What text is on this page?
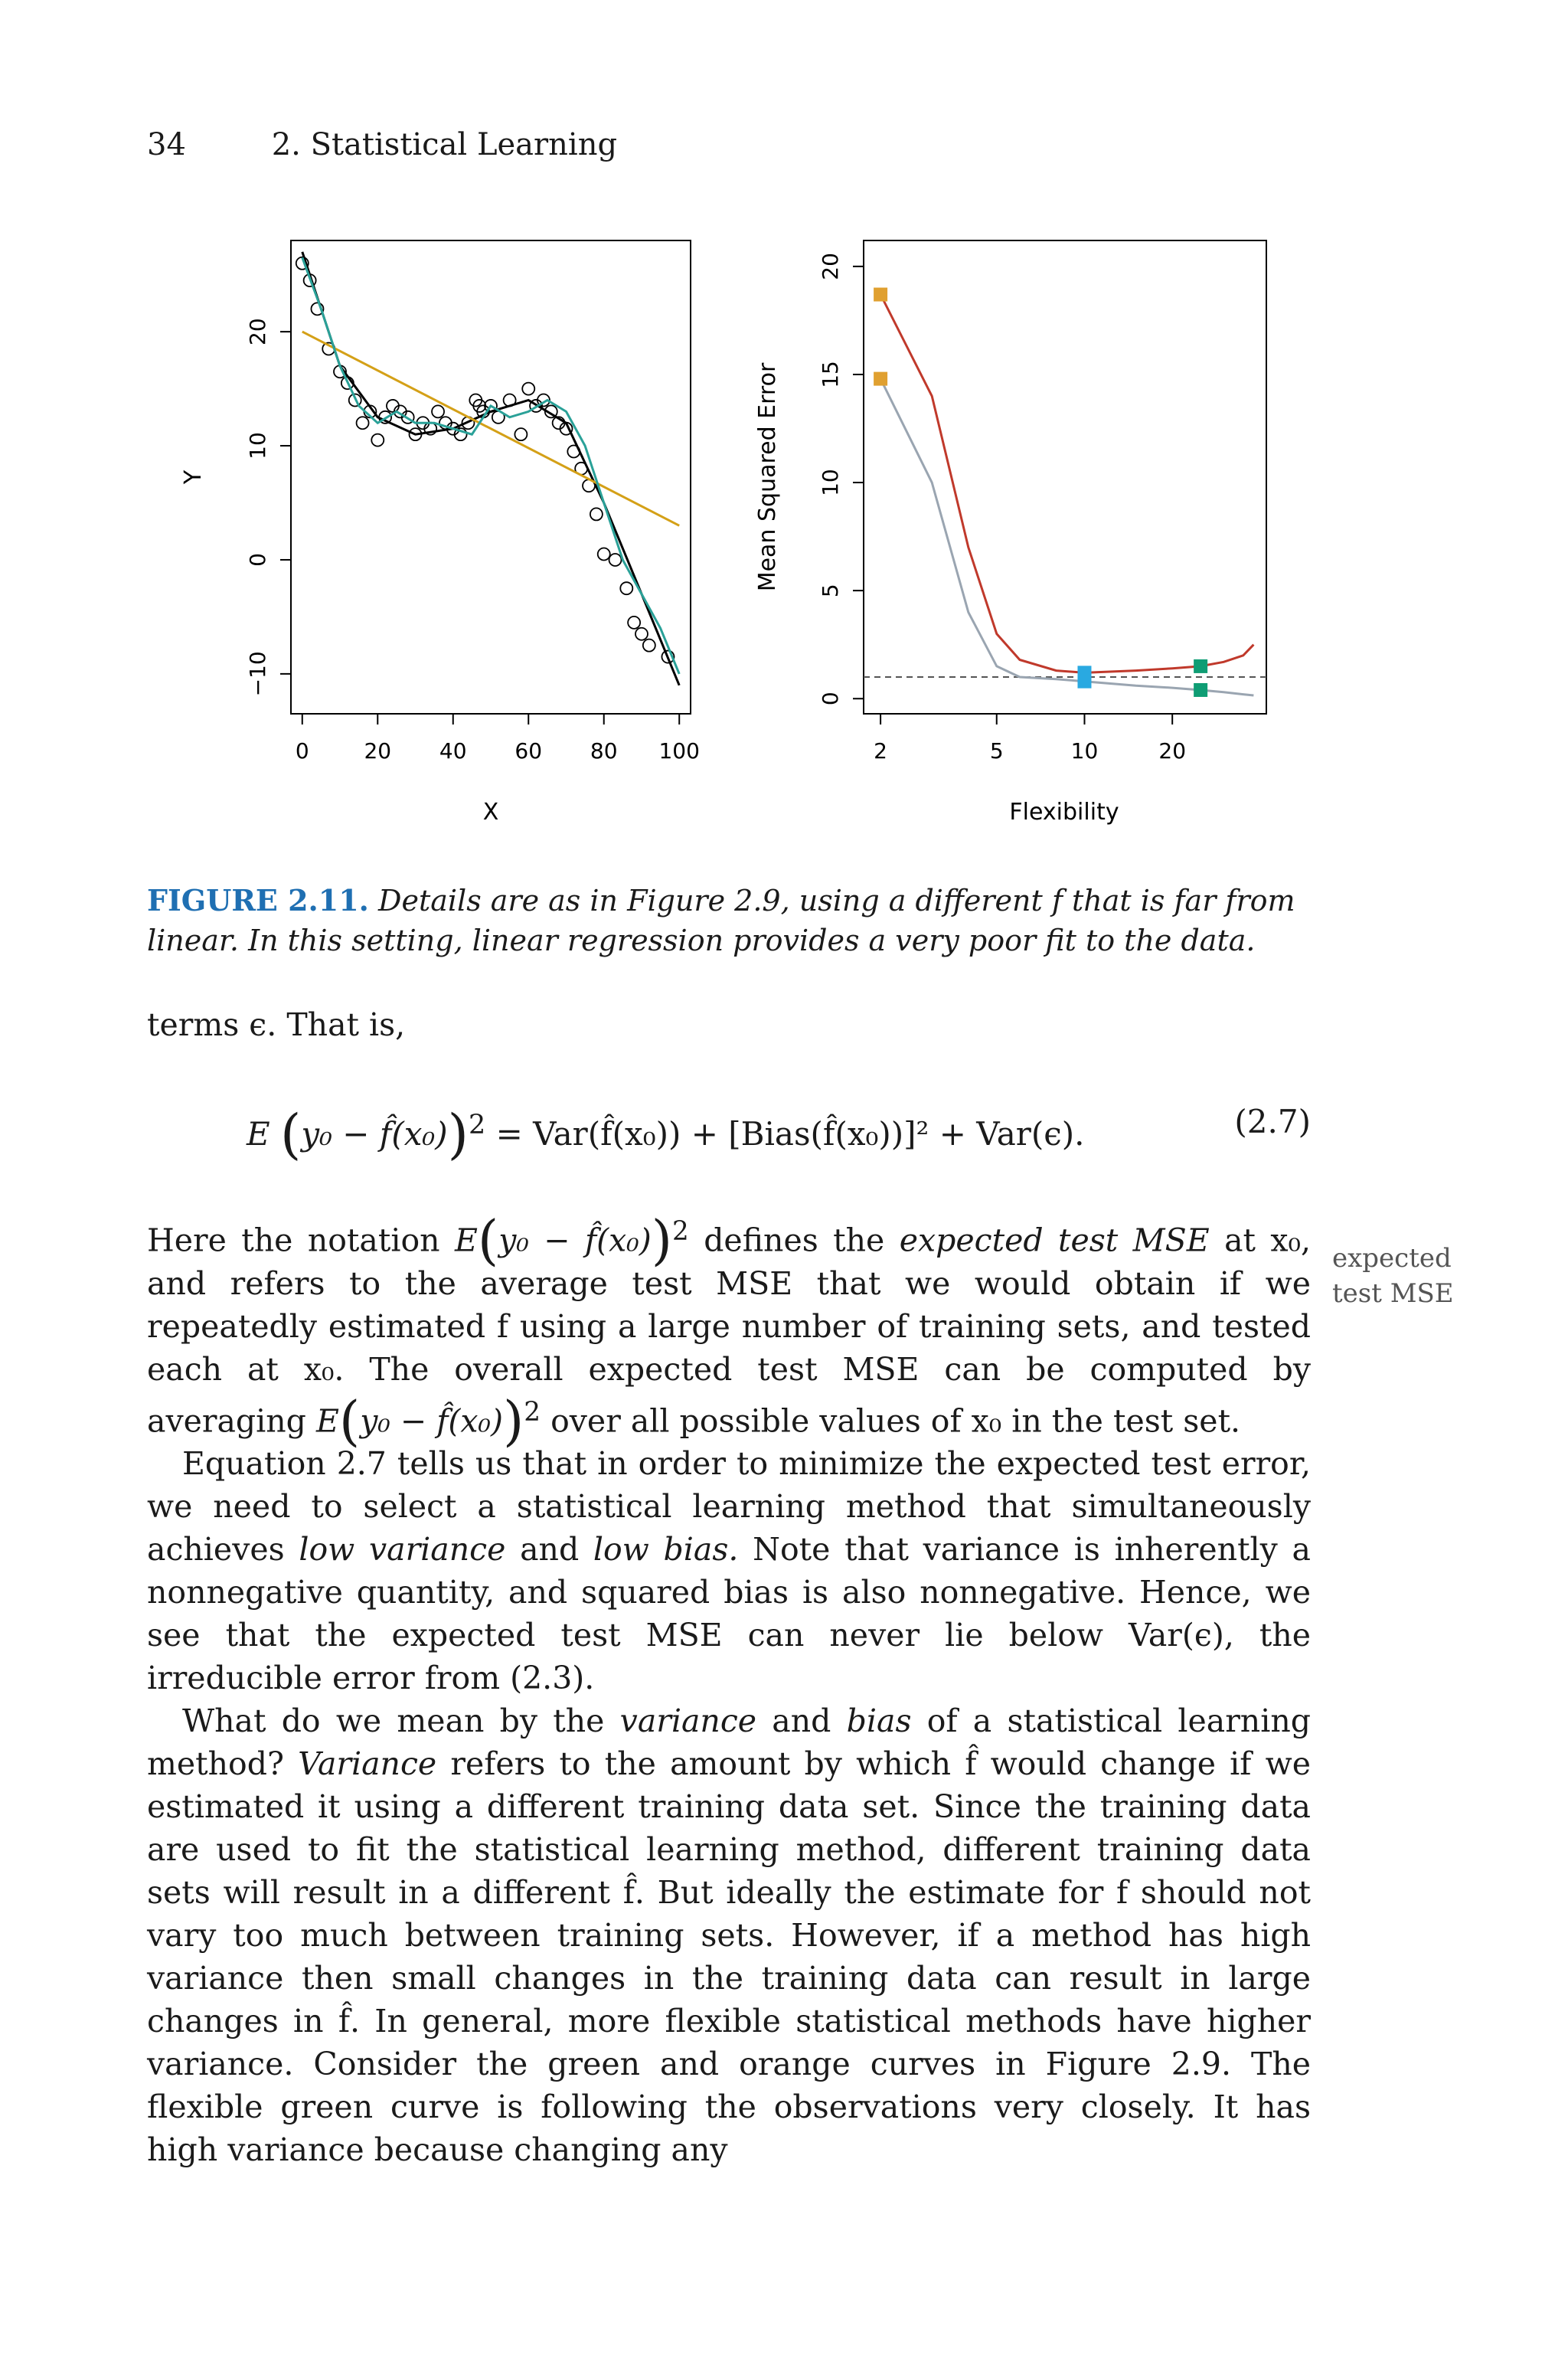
34	2. Statistical Learning
0	20 40 60 80 100
−10
0
10
20
X
Y
2	5	10	20
0
5
10
15
20
Flexibility
Mean Squared Error
FIGURE 2.11. Details are as in Figure 2.9, using a different f that is far from linear. In this setting, linear regression provides a very poor fit to the data.

terms ϵ. That is,

E (y₀ − f̂(x₀))$^2$ = Var(f̂(x₀)) + [Bias(f̂(x₀))]² + Var(ϵ).	(2.7)

Here the notation E(y₀ − f̂(x₀))$^2$ defines the expected test MSE at x₀, and refers to the average test MSE that we would obtain if we repeatedly estimated f using a large number of training sets, and tested each at x₀. The overall expected test MSE can be computed by averaging E(y₀ − f̂(x₀))$^2$ over all possible values of x₀ in the test set.

Equation 2.7 tells us that in order to minimize the expected test error, we need to select a statistical learning method that simultaneously achieves low variance and low bias. Note that variance is inherently a nonnegative quantity, and squared bias is also nonnegative. Hence, we see that the expected test MSE can never lie below Var(ϵ), the irreducible error from (2.3).

What do we mean by the variance and bias of a statistical learning method? Variance refers to the amount by which f̂ would change if we estimated it using a different training data set. Since the training data are used to fit the statistical learning method, different training data sets will result in a different f̂. But ideally the estimate for f should not vary too much between training sets. However, if a method has high variance then small changes in the training data can result in large changes in f̂. In general, more flexible statistical methods have higher variance. Consider the green and orange curves in Figure 2.9. The flexible green curve is following the observations very closely. It has high variance because changing any

expected
test MSE
